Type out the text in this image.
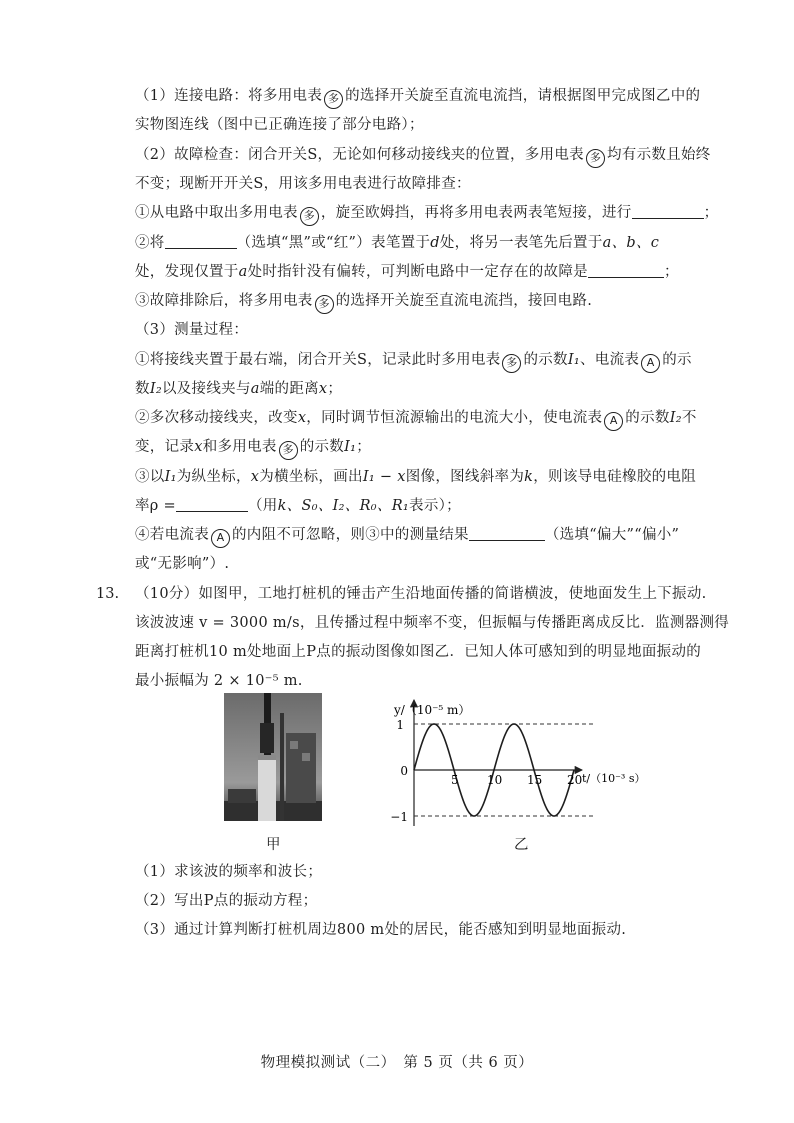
（1）连接电路：将多用电表 多 的选择开关旋至直流电流挡，请根据图甲完成图乙中的
实物图连线（图中已正确连接了部分电路）；
（2）故障检查：闭合开关S，无论如何移动接线夹的位置，多用电表 多 均有示数且始终
不变；现断开开关S，用该多用电表进行故障排查：
①从电路中取出多用电表 多 ，旋至欧姆挡，再将多用电表两表笔短接，进行	；
②将	（选填“黑”或“红”）表笔置于d处，将另一表笔先后置于a、b、c
处，发现仅置于a处时指针没有偏转，可判断电路中一定存在的故障是	；
③故障排除后，将多用电表 多 的选择开关旋至直流电流挡，接回电路.
（3）测量过程：
①将接线夹置于最右端，闭合开关S，记录此时多用电表 多 的示数I₁、电流表 A 的示
数I₂以及接线夹与a端的距离x；
②多次移动接线夹，改变x，同时调节恒流源输出的电流大小，使电流表 A 的示数I₂不
变，记录x和多用电表 多 的示数I₁；
③以I₁为纵坐标，x为横坐标，画出I₁ − x图像，图线斜率为k，则该导电硅橡胶的电阻
率ρ =	（用k、S₀、I₂、R₀、R₁表示）；
④若电流表 A 的内阻不可忽略，则③中的测量结果	（选填“偏大”“偏小”
或“无影响”）.
13. （10分）如图甲，工地打桩机的锤击产生沿地面传播的简谐横波，使地面发生上下振动.
该波波速 v = 3000 m/s，且传播过程中频率不变，但振幅与传播距离成反比．监测器测得
距离打桩机10 m处地面上P点的振动图像如图乙．已知人体可感知到的明显地面振动的
最小振幅为 2 × 10⁻⁵ m.
甲
y/（10⁻⁵ m）
t/（10⁻³ s）
1
0
−1
5 10 15 20
乙
（1）求该波的频率和波长；
（2）写出P点的振动方程；
（3）通过计算判断打桩机周边800 m处的居民，能否感知到明显地面振动.
物理模拟测试（二）　第 5 页（共 6 页）
